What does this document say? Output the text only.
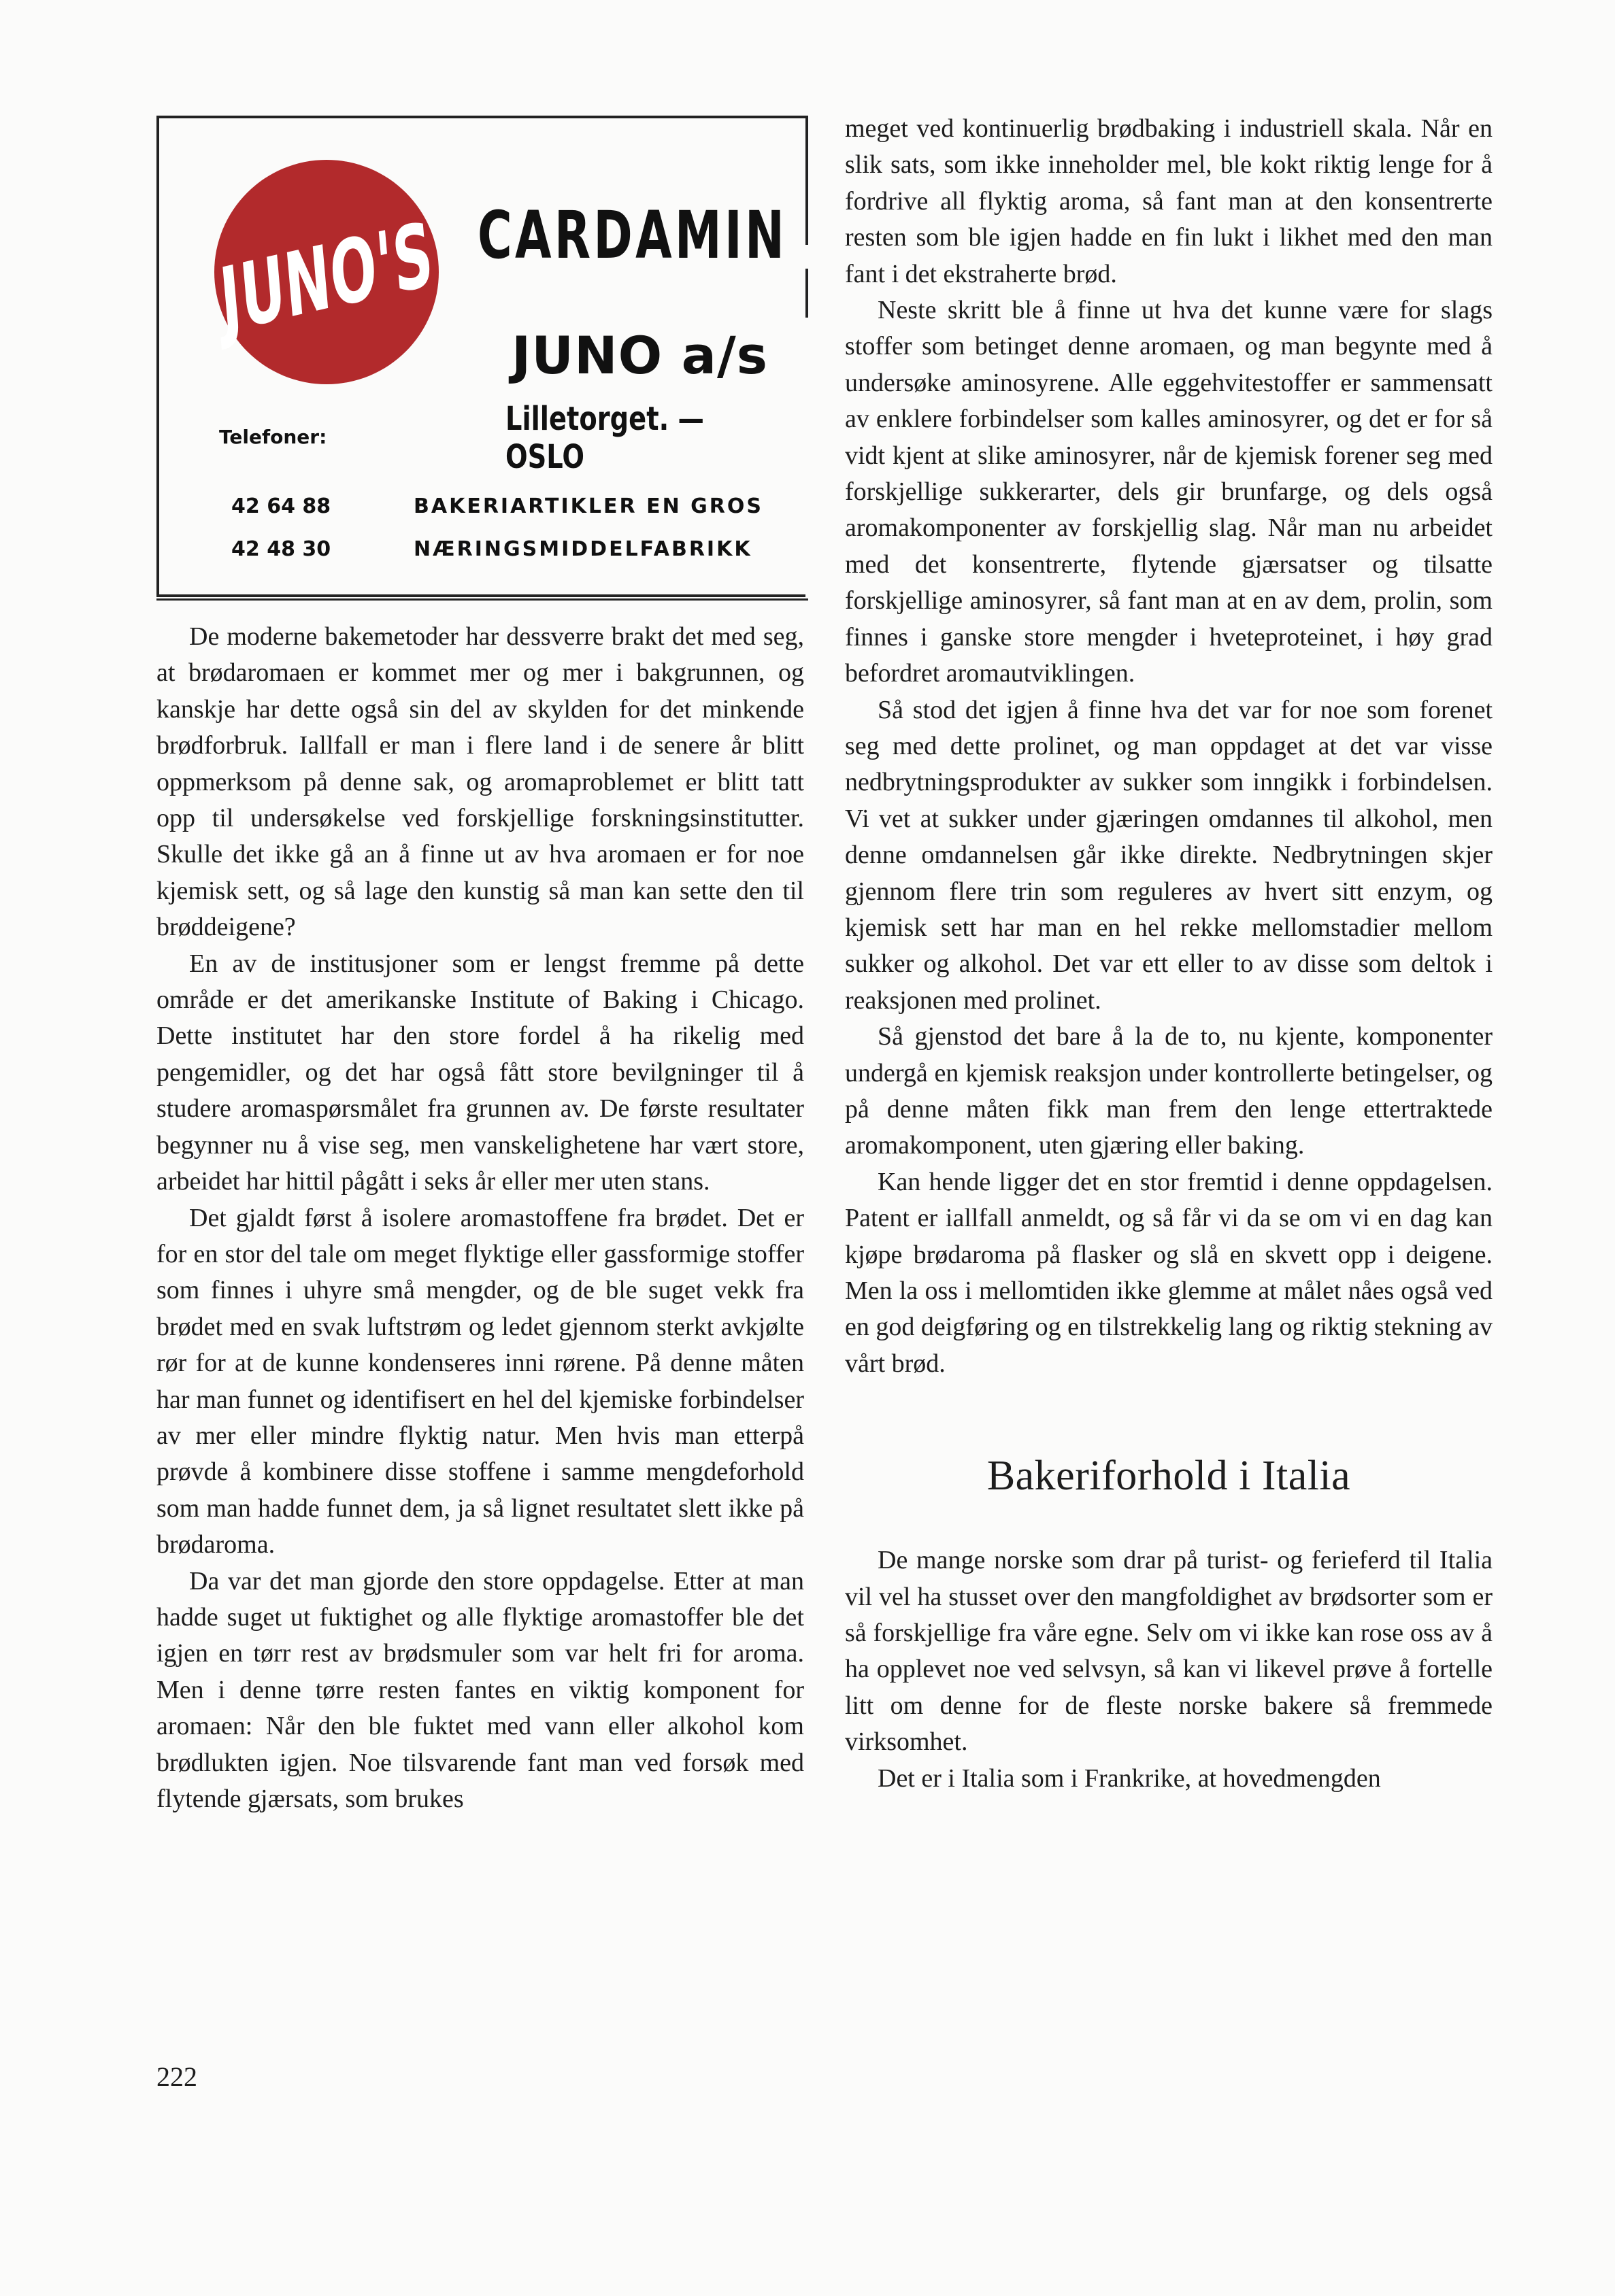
JUNO'S CARDAMIN
JUNO a/s
Lilletorget. — OSLO
Telefoner:
42 64 88
42 48 30
BAKERIARTIKLER EN GROS
NÆRINGSMIDDELFABRIKK

De moderne bakemetoder har dessverre brakt det med seg, at brødaromaen er kommet mer og mer i bakgrunnen, og kanskje har dette også sin del av skylden for det minkende brødforbruk. Iallfall er man i flere land i de senere år blitt oppmerksom på denne sak, og aromaproblemet er blitt tatt opp til undersøkelse ved forskjellige forskningsinstitutter. Skulle det ikke gå an å finne ut av hva aromaen er for noe kjemisk sett, og så lage den kunstig så man kan sette den til brøddeigene?

En av de institusjoner som er lengst fremme på dette område er det amerikanske Institute of Baking i Chicago. Dette institutet har den store fordel å ha rikelig med pengemidler, og det har også fått store bevilgninger til å studere aromaspørsmålet fra grunnen av. De første resultater begynner nu å vise seg, men vanskelighetene har vært store, arbeidet har hittil pågått i seks år eller mer uten stans.

Det gjaldt først å isolere aromastoffene fra brødet. Det er for en stor del tale om meget flyktige eller gassformige stoffer som finnes i uhyre små mengder, og de ble suget vekk fra brødet med en svak luftstrøm og ledet gjennom sterkt avkjølte rør for at de kunne kondenseres inni rørene. På denne måten har man funnet og identifisert en hel del kjemiske forbindelser av mer eller mindre flyktig natur. Men hvis man etterpå prøvde å kombinere disse stoffene i samme mengdeforhold som man hadde funnet dem, ja så lignet resultatet slett ikke på brødaroma.

Da var det man gjorde den store oppdagelse. Etter at man hadde suget ut fuktighet og alle flyktige aromastoffer ble det igjen en tørr rest av brødsmuler som var helt fri for aroma. Men i denne tørre resten fantes en viktig komponent for aromaen: Når den ble fuktet med vann eller alkohol kom brødlukten igjen. Noe tilsvarende fant man ved forsøk med flytende gjærsats, som brukes

meget ved kontinuerlig brødbaking i industriell skala. Når en slik sats, som ikke inneholder mel, ble kokt riktig lenge for å fordrive all flyktig aroma, så fant man at den konsentrerte resten som ble igjen hadde en fin lukt i likhet med den man fant i det ekstraherte brød.

Neste skritt ble å finne ut hva det kunne være for slags stoffer som betinget denne aromaen, og man begynte med å undersøke aminosyrene. Alle eggehvitestoffer er sammensatt av enklere forbindelser som kalles aminosyrer, og det er for så vidt kjent at slike aminosyrer, når de kjemisk forener seg med forskjellige sukkerarter, dels gir brunfarge, og dels også aromakomponenter av forskjellig slag. Når man nu arbeidet med det konsentrerte, flytende gjærsatser og tilsatte forskjellige aminosyrer, så fant man at en av dem, prolin, som finnes i ganske store mengder i hveteproteinet, i høy grad befordret aromautviklingen.

Så stod det igjen å finne hva det var for noe som forenet seg med dette prolinet, og man oppdaget at det var visse nedbrytningsprodukter av sukker som inngikk i forbindelsen. Vi vet at sukker under gjæringen omdannes til alkohol, men denne omdannelsen går ikke direkte. Nedbrytningen skjer gjennom flere trin som reguleres av hvert sitt enzym, og kjemisk sett har man en hel rekke mellomstadier mellom sukker og alkohol. Det var ett eller to av disse som deltok i reaksjonen med prolinet.

Så gjenstod det bare å la de to, nu kjente, komponenter undergå en kjemisk reaksjon under kontrollerte betingelser, og på denne måten fikk man frem den lenge ettertraktede aromakomponent, uten gjæring eller baking.

Kan hende ligger det en stor fremtid i denne oppdagelsen. Patent er iallfall anmeldt, og så får vi da se om vi en dag kan kjøpe brødaroma på flasker og slå en skvett opp i deigene. Men la oss i mellomtiden ikke glemme at målet nåes også ved en god deigføring og en tilstrekkelig lang og riktig stekning av vårt brød.

Bakeriforhold i Italia

De mange norske som drar på turist- og ferieferd til Italia vil vel ha stusset over den mangfoldighet av brødsorter som er så forskjellige fra våre egne. Selv om vi ikke kan rose oss av å ha opplevet noe ved selvsyn, så kan vi likevel prøve å fortelle litt om denne for de fleste norske bakere så fremmede virksomhet.

Det er i Italia som i Frankrike, at hovedmengden

222
